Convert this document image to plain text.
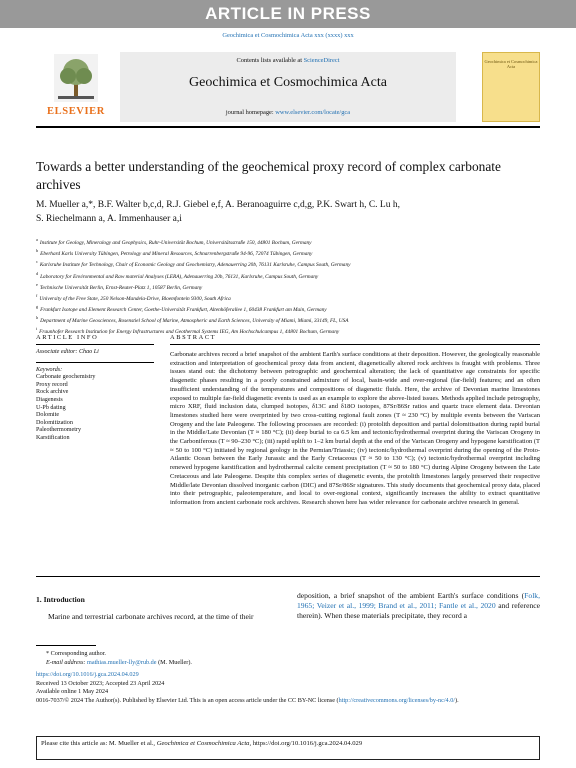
ARTICLE IN PRESS
Geochimica et Cosmochimica Acta xxx (xxxx) xxx
ELSEVIER
Contents lists available at ScienceDirect
Geochimica et Cosmochimica Acta
journal homepage: www.elsevier.com/locate/gca
Geochimica et Cosmochimica Acta
Towards a better understanding of the geochemical proxy record of complex carbonate archives
M. Mueller a,*, B.F. Walter b,c,d, R.J. Giebel e,f, A. Beranoaguirre c,d,g, P.K. Swart h, C. Lu h,
S. Riechelmann a, A. Immenhauser a,i
$^a$Institute for Geology, Mineralogy and Geophysics, Ruhr-Universität Bochum, Universitätsstraße 150, 44801 Bochum, Germany
$^b$Eberhard Karls University Tübingen, Petrology and Mineral Resources, Schnarrenbergstraße 94-96, 72074 Tübingen, Germany
$^c$Karlsruhe Institute for Technology, Chair of Economic Geology and Geochemistry, Adenauerring 20b, 76131 Karlsruhe, Campus South, Germany
$^d$Laboratory for Environmental and Raw material Analyses (LERA), Adenauerring 20b, 76131, Karlsruhe, Campus South, Germany
$^e$Technische Universität Berlin, Ernst-Reuter-Platz 1, 10587 Berlin, Germany
$^f$University of the Free State, 250 Nelson-Mandela-Drive, Bloemfontein 9300, South Africa
$^g$Frankfurt Isotope and Element Research Center, Goethe-Universität Frankfurt, Altenhöferallee 1, 60438 Frankfurt am Main, Germany
$^h$Department of Marine Geosciences, Rosenstiel School of Marine, Atmospheric and Earth Sciences, University of Miami, Miami, 33149, FL, USA
$^i$Fraunhofer Research Institution for Energy Infrastructures and Geothermal Systems IEG, Am Hochschulcampus 1, 44801 Bochum, Germany
ARTICLE INFO	ABSTRACT
Associate editor: Chao Li
Keywords:
Carbonate geochemistry
Proxy record
Rock archive
Diagenesis
U-Pb dating
Dolomite
Dolomitization
Paleothermometry
Karstification
Carbonate archives record a brief snapshot of the ambient Earth's surface conditions at their deposition. However, the geologically reasonable extraction and interpretation of geochemical proxy data from ancient, diagenetically altered rock archives is fraught with problems. Three issues stand out: the dichotomy between petrographic and geochemical alteration; the lack of quantitative age constraints for specific diagenetic phases resulting in a poorly constrained admixture of local, basin-wide and over-regional (far-field) features; and an often insufficient understanding of the temperatures and compositions of diagenetic fluids. Here, the archive of Devonian marine limestones exposed to multiple far-field diagenetic events is used as an example to explore the above-listed issues. Methods applied include petrography, micro XRF, fluid inclusion data, clumped isotopes, δ13C and δ18O isotopes, 87Sr/86Sr ratios and quartz trace element data. Devonian limestones studied here were overprinted by two cross-cutting regional fault zones (T ≈ 230 °C) by multiple events between the Variscan Orogeny and the late Paleogene. The following processes are recorded: (i) protolith deposition and partial dolomitisation during rapid burial in the Middle/Late Devonian (T ≈ 180 °C); (ii) deep burial to ca 6.5 km and tectonic/hydrothermal overprint during the Variscan Orogeny in the Carboniferous (T ≈ 90–230 °C); (iii) rapid uplift to 1–2 km burial depth at the end of the Variscan Orogeny and hypogene karstification (T ≈ 50 to 100 °C) initiated by regional geology in the Permian/Triassic; (iv) tectonic/hydrothermal overprint during the opening of the Proto-Atlantic Ocean between the Early Jurassic and the Early Cretaceous (T ≈ 50 to 130 °C); (v) tectonic/hydrothermal overprint including renewed hypogene karstification and hydrothermal calcite cement precipitation (T ≈ 50 to 180 °C) during Alpine Orogeny between the Late Cretaceous and late Paleogene. Despite this complex series of diagenetic events, the protolith limestones largely preserved their respective Middle/late Devonian dissolved inorganic carbon (DIC) and 87Sr/86Sr signatures. This study documents that geochemical proxy data, placed into their petrographic, paleotemperature, and local to over-regional context, significantly increases the ability to extract quantitative information from ancient carbonate rock archives. Research shown here has wider relevance for carbonate archive research in general.
1. Introduction
Marine and terrestrial carbonate archives record, at the time of their
deposition, a brief snapshot of the ambient Earth's surface conditions (Folk, 1965; Veizer et al., 1999; Brand et al., 2011; Fantle et al., 2020 and reference therein). When these materials precipitate, they record a
* Corresponding author.
E-mail address: mathias.mueller-lly@rub.de (M. Mueller).
https://doi.org/10.1016/j.gca.2024.04.029
Received 13 October 2023; Accepted 23 April 2024
Available online 1 May 2024
0016-7037/© 2024 The Author(s). Published by Elsevier Ltd. This is an open access article under the CC BY-NC license (http://creativecommons.org/licenses/by-nc/4.0/).
Please cite this article as: M. Mueller et al., Geochimica et Cosmochimica Acta, https://doi.org/10.1016/j.gca.2024.04.029
